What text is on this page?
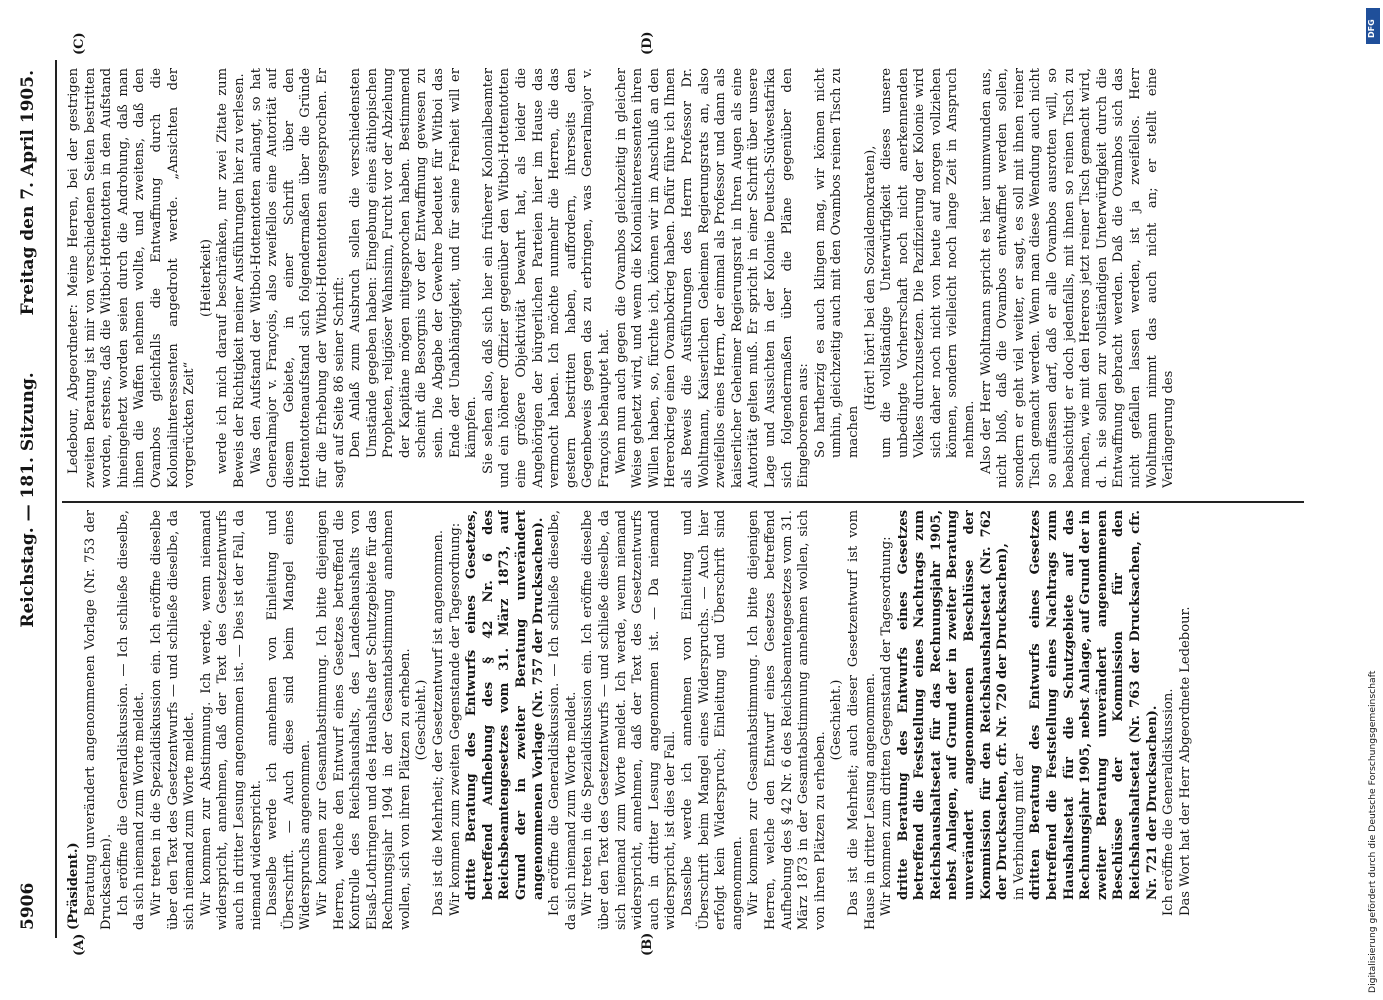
5906
Reichstag. — 181. Sitzung.
Freitag den 7. April 1905.
(A)	(B)
(C)	(D)

(Präsident.) Beratung unverändert angenommenen Vorlage (Nr. 753 der Drucksachen). Ich eröffne die Generaldiskussion. — Ich schließe dieselbe, da sich niemand zum Worte meldet. Wir treten in die Spezialdiskussion ein. Ich eröffne dieselbe über den Text des Gesetzentwurfs — und schließe dieselbe, da sich niemand zum Worte meldet. Wir kommen zur Abstimmung. Ich werde, wenn niemand widerspricht, annehmen, daß der Text des Gesetzentwurfs auch in dritter Lesung angenommen ist. — Dies ist der Fall, da niemand widerspricht. Dasselbe werde ich annehmen von Einleitung und Überschrift. — Auch diese sind beim Mangel eines Widerspruchs angenommen. Wir kommen zur Gesamtabstimmung. Ich bitte diejenigen Herren, welche den Entwurf eines Gesetzes betreffend die Kontrolle des Reichshaushalts, des Landeshaushalts von Elsaß-Lothringen und des Haushalts der Schutzgebiete für das Rechnungsjahr 1904 in der Gesamtabstimmung annehmen wollen, sich von ihren Plätzen zu erheben. (Geschieht.) Das ist die Mehrheit; der Gesetzentwurf ist angenommen. Wir kommen zum zweiten Gegenstande der Tagesordnung: dritte Beratung des Entwurfs eines Gesetzes, betreffend Aufhebung des § 42 Nr. 6 des Reichsbeamtengesetzes vom 31. März 1873, auf Grund der in zweiter Beratung unverändert angenommenen Vorlage (Nr. 757 der Drucksachen). Ich eröffne die Generaldiskussion. — Ich schließe dieselbe, da sich niemand zum Worte meldet. Wir treten in die Spezialdiskussion ein. Ich eröffne dieselbe über den Text des Gesetzentwurfs — und schließe dieselbe, da sich niemand zum Worte meldet. Ich werde, wenn niemand widerspricht, annehmen, daß der Text des Gesetzentwurfs auch in dritter Lesung angenommen ist. — Da niemand widerspricht, ist dies der Fall. Dasselbe werde ich annehmen von Einleitung und Überschrift beim Mangel eines Widerspruchs. — Auch hier erfolgt kein Widerspruch; Einleitung und Überschrift sind angenommen. Wir kommen zur Gesamtabstimmung. Ich bitte diejenigen Herren, welche den Entwurf eines Gesetzes betreffend Aufhebung des § 42 Nr. 6 des Reichsbeamtengesetzes vom 31. März 1873 in der Gesamtabstimmung annehmen wollen, sich von ihren Plätzen zu erheben.

(Geschieht.) Das ist die Mehrheit; auch dieser Gesetzentwurf ist vom Hause in dritter Lesung angenommen. Wir kommen zum dritten Gegenstand der Tagesordnung: dritte Beratung des Entwurfs eines Gesetzes betreffend die Feststellung eines Nachtrags zum Reichshaushaltsetat für das Rechnungsjahr 1905, nebst Anlagen, auf Grund der in zweiter Beratung unverändert angenommenen Beschlüsse der Kommission für den Reichshaushaltsetat (Nr. 762 der Drucksachen, cfr. Nr. 720 der Drucksachen), in Verbindung mit der dritten Beratung des Entwurfs eines Gesetzes betreffend die Feststellung eines Nachtrags zum Haushaltsetat für die Schutzgebiete auf das Rechnungsjahr 1905, nebst Anlage, auf Grund der in zweiter Beratung unverändert angenommenen Beschlüsse der Kommission für den Reichshaushaltsetat (Nr. 763 der Drucksachen, cfr. Nr. 721 der Drucksachen). Ich eröffne die Generaldiskussion. Das Wort hat der Herr Abgeordnete Ledebour.

Ledebour, Abgeordneter: Meine Herren, bei der gestrigen zweiten Beratung ist mir von verschiedenen Seiten bestritten worden, erstens, daß die Witboi-Hottentotten in den Aufstand hineingehetzt worden seien durch die Androhung, daß man ihnen die Waffen nehmen wollte, und zweitens, daß den Ovambos gleichfalls die Entwaffnung durch die Kolonialinteressenten angedroht werde. „Ansichten der vorgerückten Zeit“

(Heiterkeit) werde ich mich darauf beschränken, nur zwei Zitate zum Beweis der Richtigkeit meiner Ausführungen hier zu verlesen. Was den Aufstand der Witboi-Hottentotten anlangt, so hat Generalmajor v. François, also zweifellos eine Autorität auf diesem Gebiete, in einer Schrift über den Hottentottenaufstand sich folgendermaßen über die Gründe für die Erhebung der Witboi-Hottentotten ausgesprochen. Er sagt auf Seite 86 seiner Schrift: Den Anlaß zum Ausbruch sollen die verschiedensten Umstände gegeben haben: Eingebung eines äthiopischen Propheten, religiöser Wahnsinn, Furcht vor der Abziehung der Kapitäne mögen mitgesprochen haben. Bestimmend scheint die Besorgnis vor der Entwaffnung gewesen zu sein. Die Abgabe der Gewehre bedeutet für Witboi das Ende der Unabhängigkeit, und für seine Freiheit will er kämpfen. Sie sehen also, daß sich hier ein früherer Kolonialbeamter und ein höherer Offizier gegenüber den Witboi-Hottentotten eine größere Objektivität bewahrt hat, als leider die Angehörigen der bürgerlichen Parteien hier im Hause das vermocht haben. Ich möchte nunmehr die Herren, die das gestern bestritten haben, auffordern, ihrerseits den Gegenbeweis gegen das zu erbringen, was Generalmajor v. François behauptet hat. Wenn nun auch gegen die Ovambos gleichzeitig in gleicher Weise gehetzt wird, und wenn die Kolonialinteressenten ihren Willen haben, so, fürchte ich, können wir im Anschluß an den Hererokrieg einen Ovambokrieg haben. Dafür führe ich Ihnen als Beweis die Ausführungen des Herrn Professor Dr. Wohltmann, Kaiserlichen Geheimen Regierungsrats an, also zweifellos eines Herrn, der einmal als Professor und dann als kaiserlicher Geheimer Regierungsrat in Ihren Augen als eine Autorität gelten muß. Er spricht in einer Schrift über unsere Lage und Aussichten in der Kolonie Deutsch-Südwestafrika sich folgendermaßen über die Pläne gegenüber den Eingeborenen aus: So hartherzig es auch klingen mag, wir können nicht umhin, gleichzeitig auch mit den Ovambos reinen Tisch zu machen

(Hört! hört! bei den Sozialdemokraten), um die vollständige Unterwürfigkeit dieses unsere unbedingte Vorherrschaft noch nicht anerkennenden Volkes durchzusetzen. Die Pazifizierung der Kolonie wird sich daher noch nicht von heute auf morgen vollziehen können, sondern vielleicht noch lange Zeit in Anspruch nehmen. Also der Herr Wohltmann spricht es hier unumwunden aus, nicht bloß, daß die Ovambos entwaffnet werden sollen, sondern er geht viel weiter, er sagt, es soll mit ihnen reiner Tisch gemacht werden. Wenn man diese Wendung auch nicht so auffassen darf, daß er alle Ovambos ausrotten will, so beabsichtigt er doch jedenfalls, mit ihnen so reinen Tisch zu machen, wie mit den Hereros jetzt reiner Tisch gemacht wird, d. h. sie sollen zur vollständigen Unterwürfigkeit durch die Entwaffnung gebracht werden. Daß die Ovambos sich das nicht gefallen lassen werden, ist ja zweifellos. Herr Wohltmann nimmt das auch nicht an; er stellt eine Verlängerung des

Digitalisierung gefördert durch die Deutsche Forschungsgemeinschaft
DFG
